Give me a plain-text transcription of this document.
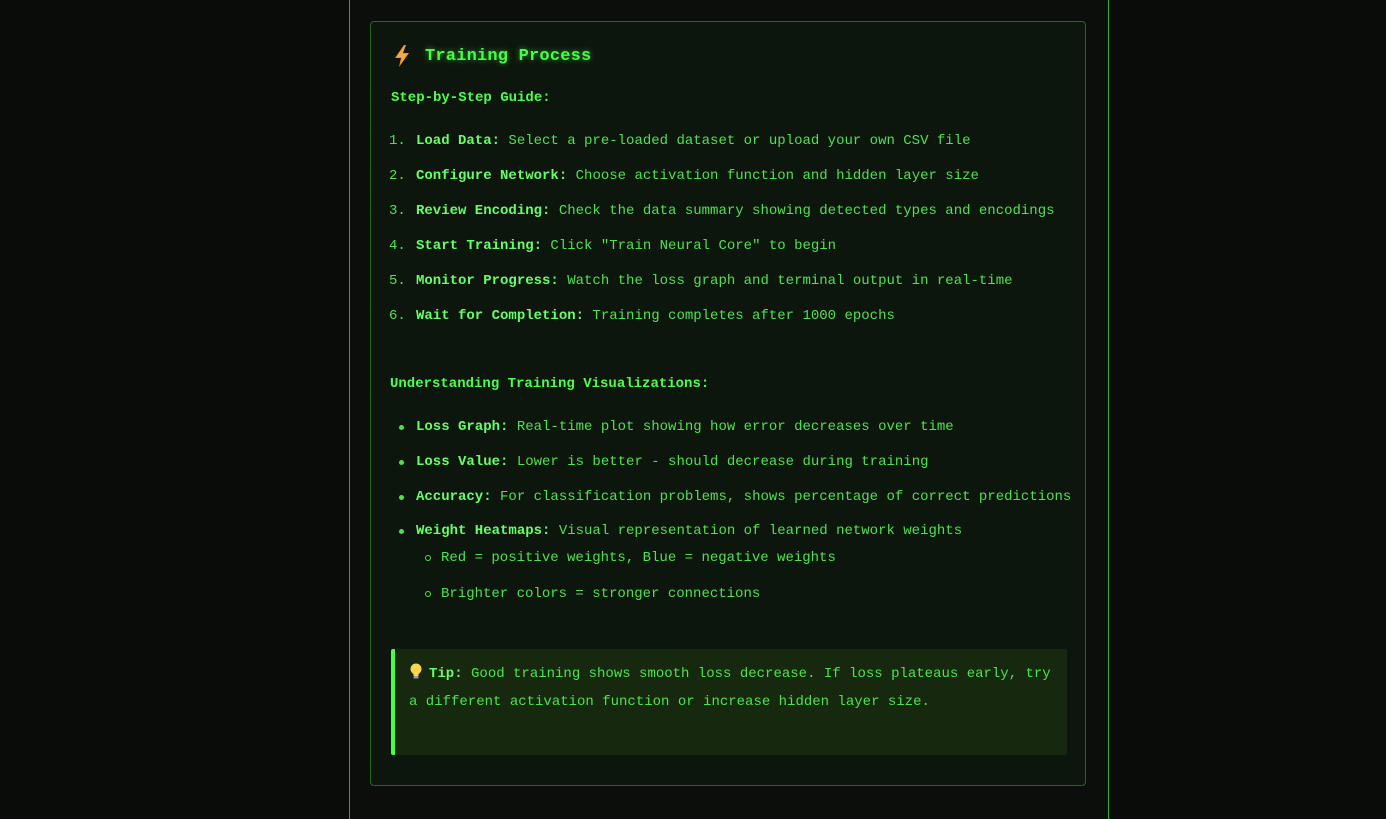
Training Process
Step-by-Step Guide:
1. Load Data: Select a pre-loaded dataset or upload your own CSV file
2. Configure Network: Choose activation function and hidden layer size
3. Review Encoding: Check the data summary showing detected types and encodings
4. Start Training: Click "Train Neural Core" to begin
5. Monitor Progress: Watch the loss graph and terminal output in real-time
6. Wait for Completion: Training completes after 1000 epochs
Understanding Training Visualizations:
Loss Graph: Real-time plot showing how error decreases over time
Loss Value: Lower is better - should decrease during training
Accuracy: For classification problems, shows percentage of correct predictions
Weight Heatmaps: Visual representation of learned network weights
Red = positive weights, Blue = negative weights
Brighter colors = stronger connections
Tip: Good training shows smooth loss decrease. If loss plateaus early, try a different activation function or increase hidden layer size.
